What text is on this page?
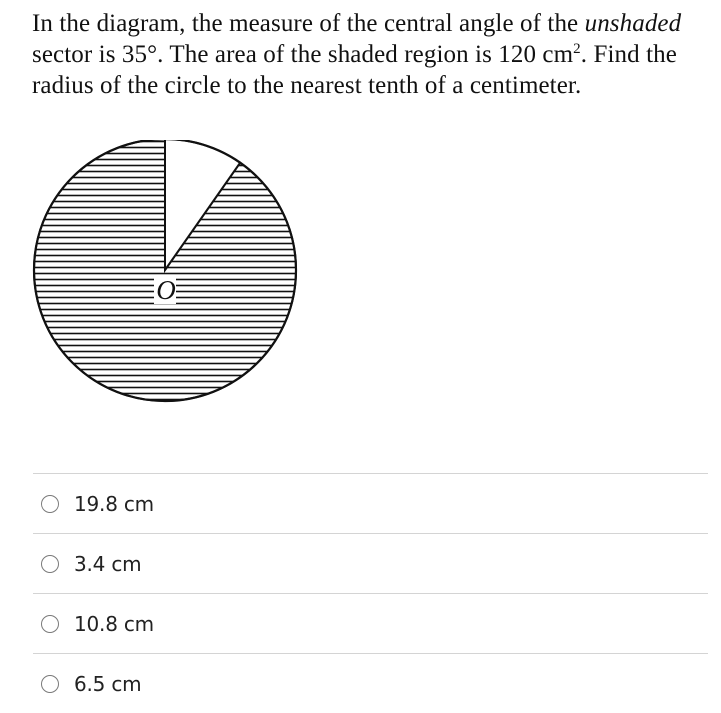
In the diagram, the measure of the central angle of the unshaded sector is 35°. The area of the shaded region is 120 $cm^2$. Find the radius of the circle to the nearest tenth of a centimeter.
O
19.8 cm
3.4 cm
10.8 cm
6.5 cm
